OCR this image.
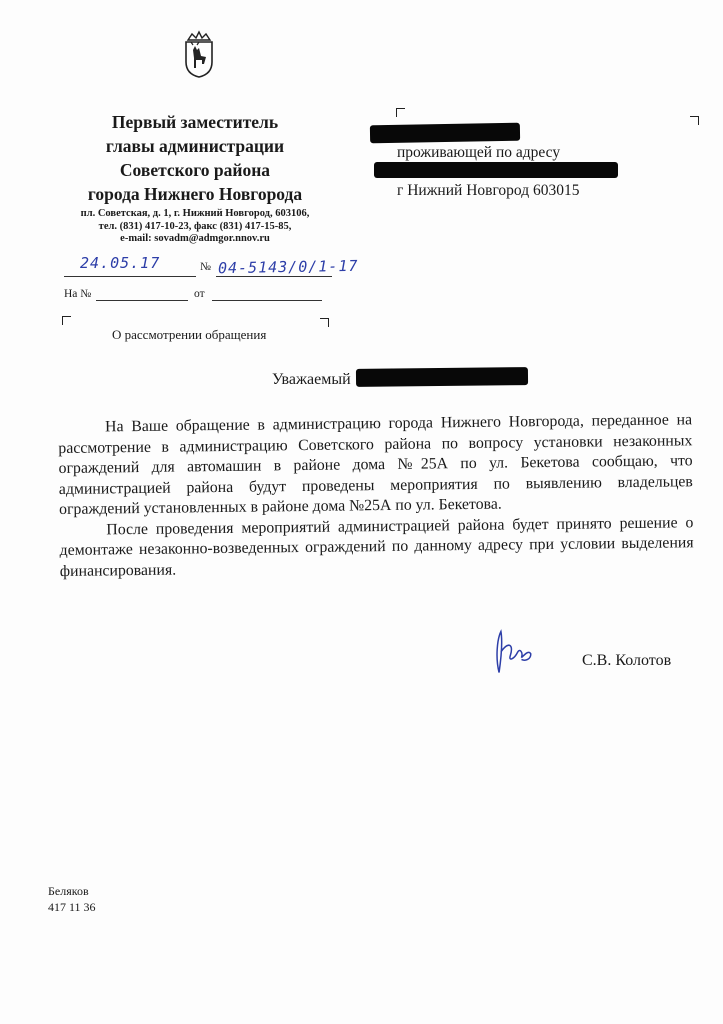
Первый заместитель
главы администрации
Советского района
города Нижнего Новгорода
пл. Советская, д. 1, г. Нижний Новгород, 603106,
тел. (831) 417-10-23, факс (831) 417-15-85,
e-mail: sovadm@admgor.nnov.ru
24.05.17	№ 04-5143/0/1-17
На №	от
О рассмотрении обращения
проживающей по адресу
г Нижний Новгород 603015
Уважаемый

На Ваше обращение в администрацию города Нижнего Новгорода, переданное на рассмотрение в администрацию Советского района по вопросу установки незаконных ограждений для автомашин в районе дома №25А по ул. Бекетова сообщаю, что администрацией района будут проведены мероприятия по выявлению владельцев ограждений установленных в районе дома №25А по ул. Бекетова.

После проведения мероприятий администрацией района будет принято решение о демонтаже незаконно-возведенных ограждений по данному адресу при условии выделения финансирования.

С.В. Колотов
Беляков
417 11 36
